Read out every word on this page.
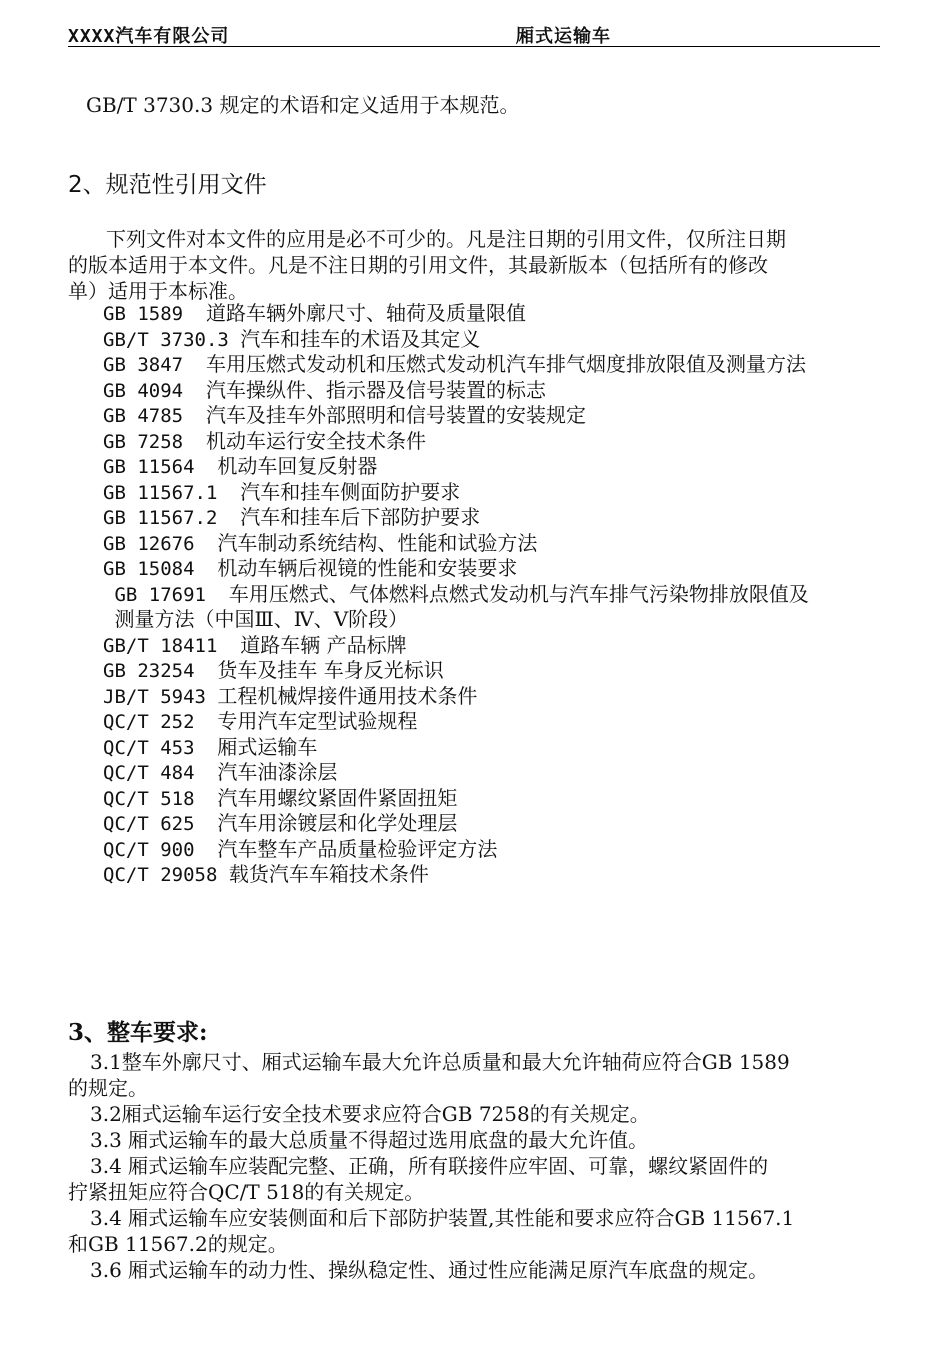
XXXX汽车有限公司	厢式运输车
GB/T 3730.3 规定的术语和定义适用于本规范。
2、规范性引用文件
下列文件对本文件的应用是必不可少的。凡是注日期的引用文件，仅所注日期
的版本适用于本文件。凡是不注日期的引用文件，其最新版本（包括所有的修改
单）适用于本标准。
GB 1589 道路车辆外廓尺寸、轴荷及质量限值
GB/T 3730.3 汽车和挂车的术语及其定义
GB 3847 车用压燃式发动机和压燃式发动机汽车排气烟度排放限值及测量方法
GB 4094 汽车操纵件、指示器及信号装置的标志
GB 4785 汽车及挂车外部照明和信号装置的安装规定
GB 7258 机动车运行安全技术条件
GB 11564 机动车回复反射器
GB 11567.1 汽车和挂车侧面防护要求
GB 11567.2 汽车和挂车后下部防护要求
GB 12676 汽车制动系统结构、性能和试验方法
GB 15084 机动车辆后视镜的性能和安装要求
GB 17691 车用压燃式、气体燃料点燃式发动机与汽车排气污染物排放限值及
测量方法（中国Ⅲ、Ⅳ、Ⅴ阶段）
GB/T 18411 道路车辆 产品标牌
GB 23254 货车及挂车 车身反光标识
JB/T 5943 工程机械焊接件通用技术条件
QC/T 252 专用汽车定型试验规程
QC/T 453 厢式运输车
QC/T 484 汽车油漆涂层
QC/T 518 汽车用螺纹紧固件紧固扭矩
QC/T 625 汽车用涂镀层和化学处理层
QC/T 900 汽车整车产品质量检验评定方法
QC/T 29058 载货汽车车箱技术条件
3、整车要求:
3.1整车外廓尺寸、厢式运输车最大允许总质量和最大允许轴荷应符合GB 1589
的规定。
3.2厢式运输车运行安全技术要求应符合GB 7258的有关规定。
3.3 厢式运输车的最大总质量不得超过选用底盘的最大允许值。
3.4 厢式运输车应装配完整、正确，所有联接件应牢固、可靠，螺纹紧固件的
拧紧扭矩应符合QC/T 518的有关规定。
3.4 厢式运输车应安装侧面和后下部防护装置,其性能和要求应符合GB 11567.1
和GB 11567.2的规定。
3.6 厢式运输车的动力性、操纵稳定性、通过性应能满足原汽车底盘的规定。
